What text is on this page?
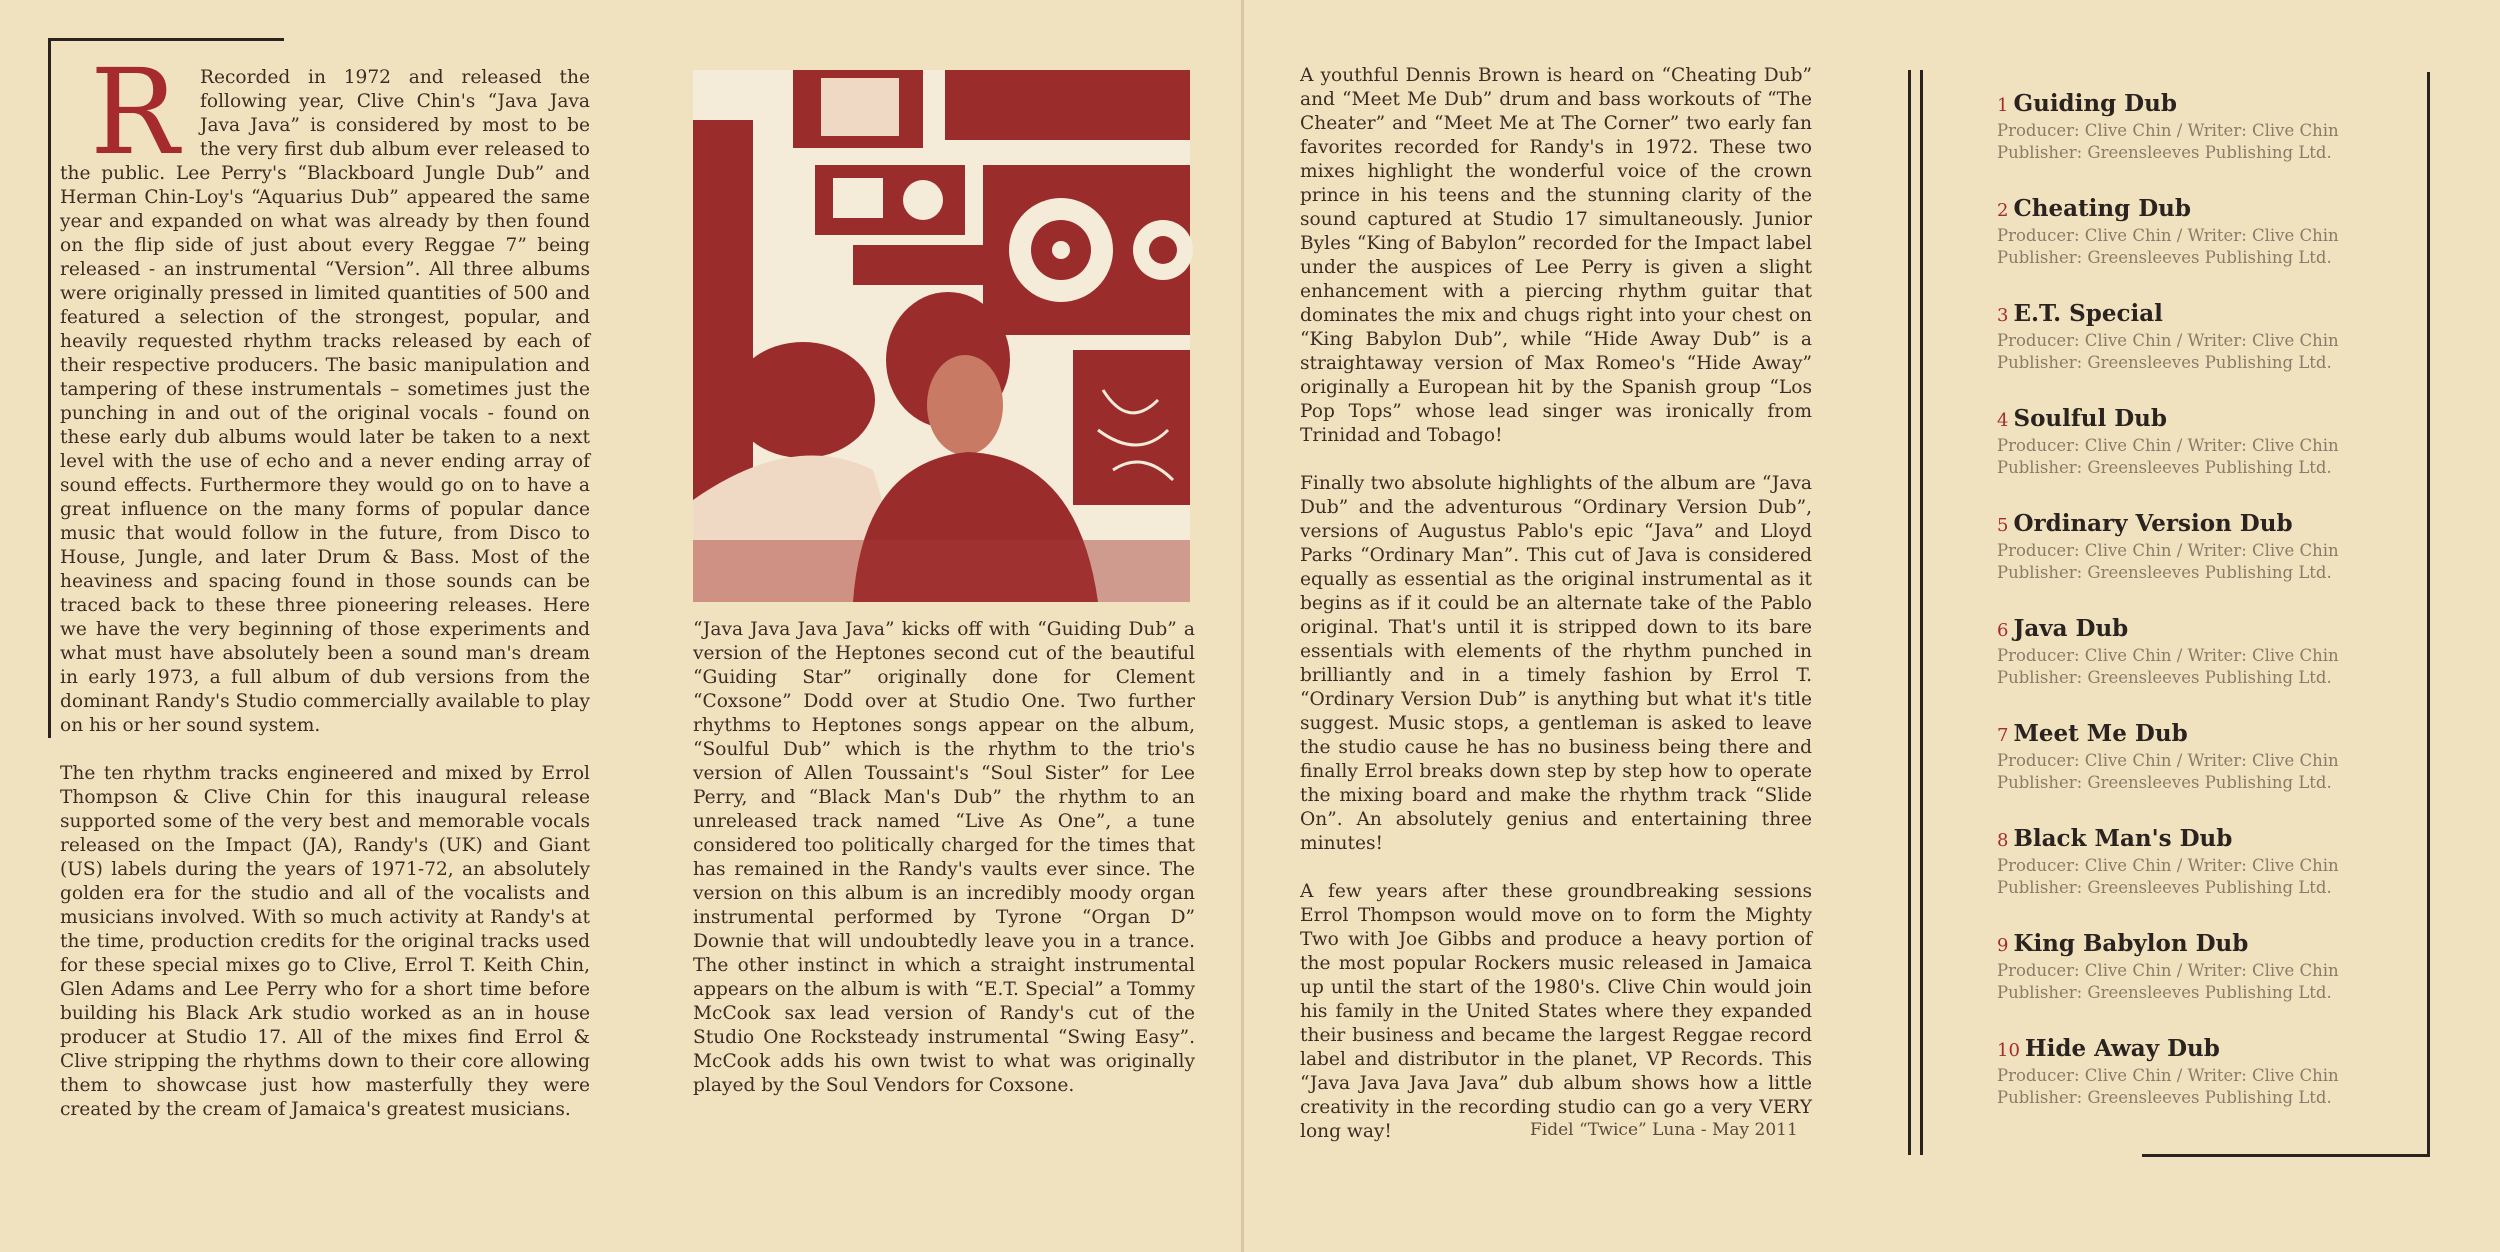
R	Recorded in 1972 and released the following year, Clive Chin's “Java Java Java Java” is considered by most to be the very first dub album ever released to the public. Lee Perry's “Blackboard Jungle Dub” and Herman Chin-Loy's “Aquarius Dub” appeared the same year and expanded on what was already by then found on the flip side of just about every Reggae 7” being released - an instrumental “Version”. All three albums were originally pressed in limited quantities of 500 and featured a selection of the strongest, popular, and heavily requested rhythm tracks released by each of their respective producers. The basic manipulation and tampering of these instrumentals – sometimes just the punching in and out of the original vocals - found on these early dub albums would later be taken to a next level with the use of echo and a never ending array of sound effects. Furthermore they would go on to have a great influence on the many forms of popular dance music that would follow in the future, from Disco to House, Jungle, and later Drum & Bass. Most of the heaviness and spacing found in those sounds can be traced back to these three pioneering releases. Here we have the very beginning of those experiments and what must have absolutely been a sound man's dream in early 1973, a full album of dub versions from the dominant Randy's Studio commercially available to play on his or her sound system.

The ten rhythm tracks engineered and mixed by Errol Thompson & Clive Chin for this inaugural release supported some of the very best and memorable vocals released on the Impact (JA), Randy's (UK) and Giant (US) labels during the years of 1971-72, an absolutely golden era for the studio and all of the vocalists and musicians involved. With so much activity at Randy's at the time, production credits for the original tracks used for these special mixes go to Clive, Errol T. Keith Chin, Glen Adams and Lee Perry who for a short time before building his Black Ark studio worked as an in house producer at Studio 17. All of the mixes find Errol & Clive stripping the rhythms down to their core allowing them to showcase just how masterfully they were created by the cream of Jamaica's greatest musicians.

“Java Java Java Java” kicks off with “Guiding Dub” a version of the Heptones second cut of the beautiful “Guiding Star” originally done for Clement “Coxsone” Dodd over at Studio One. Two further rhythms to Heptones songs appear on the album, “Soulful Dub” which is the rhythm to the trio's version of Allen Toussaint's “Soul Sister” for Lee Perry, and “Black Man's Dub” the rhythm to an unreleased track named “Live As One”, a tune considered too politically charged for the times that has remained in the Randy's vaults ever since. The version on this album is an incredibly moody organ instrumental performed by Tyrone “Organ D” Downie that will undoubtedly leave you in a trance. The other instinct in which a straight instrumental appears on the album is with “E.T. Special” a Tommy McCook sax lead version of Randy's cut of the Studio One Rocksteady instrumental “Swing Easy”. McCook adds his own twist to what was originally played by the Soul Vendors for Coxsone.

A youthful Dennis Brown is heard on “Cheating Dub” and “Meet Me Dub” drum and bass workouts of “The Cheater” and “Meet Me at The Corner” two early fan favorites recorded for Randy's in 1972. These two mixes highlight the wonderful voice of the crown prince in his teens and the stunning clarity of the sound captured at Studio 17 simultaneously. Junior Byles “King of Babylon” recorded for the Impact label under the auspices of Lee Perry is given a slight enhancement with a piercing rhythm guitar that dominates the mix and chugs right into your chest on “King Babylon Dub”, while “Hide Away Dub” is a straightaway version of Max Romeo's “Hide Away” originally a European hit by the Spanish group “Los Pop Tops” whose lead singer was ironically from Trinidad and Tobago!

Finally two absolute highlights of the album are “Java Dub” and the adventurous “Ordinary Version Dub”, versions of Augustus Pablo's epic “Java” and Lloyd Parks “Ordinary Man”. This cut of Java is considered equally as essential as the original instrumental as it begins as if it could be an alternate take of the Pablo original. That's until it is stripped down to its bare essentials with elements of the rhythm punched in brilliantly and in a timely fashion by Errol T. “Ordinary Version Dub” is anything but what it's title suggest. Music stops, a gentleman is asked to leave the studio cause he has no business being there and finally Errol breaks down step by step how to operate the mixing board and make the rhythm track “Slide On”. An absolutely genius and entertaining three minutes!

A few years after these groundbreaking sessions Errol Thompson would move on to form the Mighty Two with Joe Gibbs and produce a heavy portion of the most popular Rockers music released in Jamaica up until the start of the 1980's. Clive Chin would join his family in the United States where they expanded their business and became the largest Reggae record label and distributor in the planet, VP Records. This “Java Java Java Java” dub album shows how a little creativity in the recording studio can go a very VERY long way!	Fidel “Twice” Luna - May 2011
1 Guiding Dub
Producer: Clive Chin / Writer: Clive Chin
Publisher: Greensleeves Publishing Ltd.
2 Cheating Dub
Producer: Clive Chin / Writer: Clive Chin
Publisher: Greensleeves Publishing Ltd.
3 E.T. Special
Producer: Clive Chin / Writer: Clive Chin
Publisher: Greensleeves Publishing Ltd.
4 Soulful Dub
Producer: Clive Chin / Writer: Clive Chin
Publisher: Greensleeves Publishing Ltd.
5 Ordinary Version Dub
Producer: Clive Chin / Writer: Clive Chin
Publisher: Greensleeves Publishing Ltd.
6 Java Dub
Producer: Clive Chin / Writer: Clive Chin
Publisher: Greensleeves Publishing Ltd.
7 Meet Me Dub
Producer: Clive Chin / Writer: Clive Chin
Publisher: Greensleeves Publishing Ltd.
8 Black Man's Dub
Producer: Clive Chin / Writer: Clive Chin
Publisher: Greensleeves Publishing Ltd.
9 King Babylon Dub
Producer: Clive Chin / Writer: Clive Chin
Publisher: Greensleeves Publishing Ltd.
10 Hide Away Dub
Producer: Clive Chin / Writer: Clive Chin
Publisher: Greensleeves Publishing Ltd.
